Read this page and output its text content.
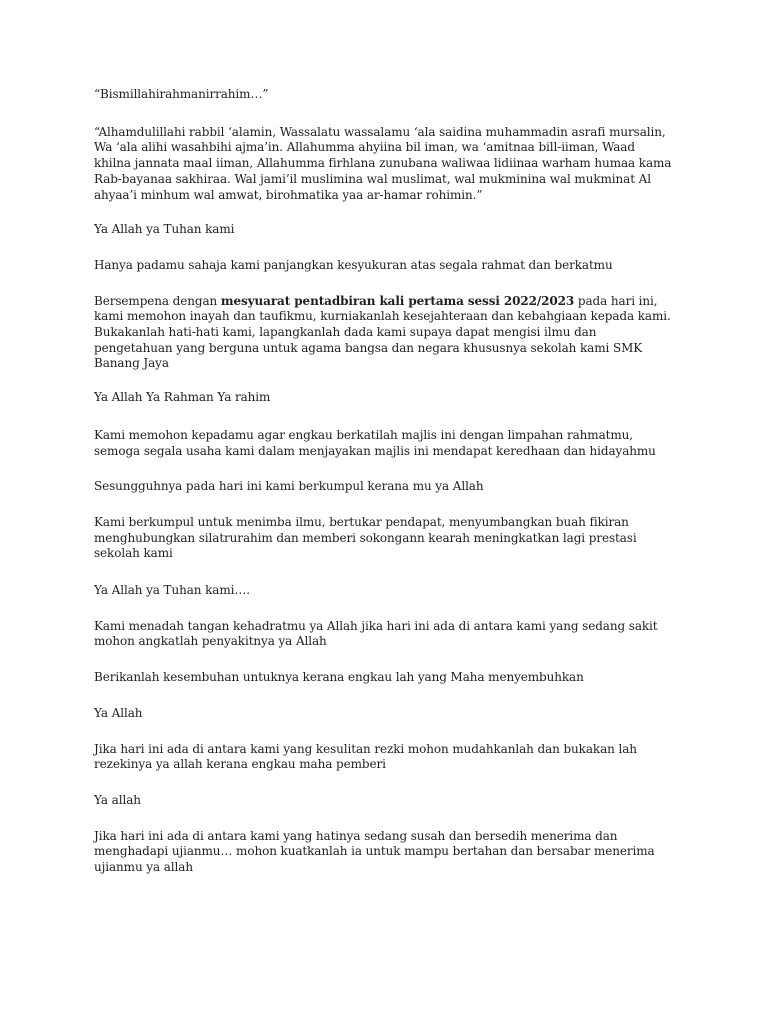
“Bismillahirahmanirrahim…”

“Alhamdulillahi rabbil ‘alamin, Wassalatu wassalamu ‘ala saidina muhammadin asrafi mursalin, Wa ‘ala alihi wasahbihi ajma’in. Allahumma ahyiina bil iman, wa ‘amitnaa bill-iiman, Waad khilna jannata maal iiman, Allahumma firhlana zunubana waliwaa lidiinaa warham humaa kama Rab-bayanaa sakhiraa. Wal jami’il muslimina wal muslimat, wal mukminina wal mukminat Al ahyaa’i minhum wal amwat, birohmatika yaa ar-hamar rohimin.”

Ya Allah ya Tuhan kami

Hanya padamu sahaja kami panjangkan kesyukuran atas segala rahmat dan berkatmu

Bersempena dengan mesyuarat pentadbiran kali pertama sessi 2022/2023 pada hari ini, kami memohon inayah dan taufikmu, kurniakanlah kesejahteraan dan kebahgiaan kepada kami. Bukakanlah hati-hati kami, lapangkanlah dada kami supaya dapat mengisi ilmu dan pengetahuan yang berguna untuk agama bangsa dan negara khususnya sekolah kami SMK Banang Jaya

Ya Allah Ya Rahman Ya rahim

Kami memohon kepadamu agar engkau berkatilah majlis ini dengan limpahan rahmatmu, semoga segala usaha kami dalam menjayakan majlis ini mendapat keredhaan dan hidayahmu

Sesungguhnya pada hari ini kami berkumpul kerana mu ya Allah

Kami berkumpul untuk menimba ilmu, bertukar pendapat, menyumbangkan buah fikiran menghubungkan silatrurahim dan memberi sokongann kearah meningkatkan lagi prestasi sekolah kami

Ya Allah ya Tuhan kami….

Kami menadah tangan kehadratmu ya Allah jika hari ini ada di antara kami yang sedang sakit mohon angkatlah penyakitnya ya Allah

Berikanlah kesembuhan untuknya kerana engkau lah yang Maha menyembuhkan

Ya Allah

Jika hari ini ada di antara kami yang kesulitan rezki mohon mudahkanlah dan bukakan lah rezekinya ya allah kerana engkau maha pemberi

Ya allah

Jika hari ini ada di antara kami yang hatinya sedang susah dan bersedih menerima dan menghadapi ujianmu… mohon kuatkanlah ia untuk mampu bertahan dan bersabar menerima ujianmu ya allah
